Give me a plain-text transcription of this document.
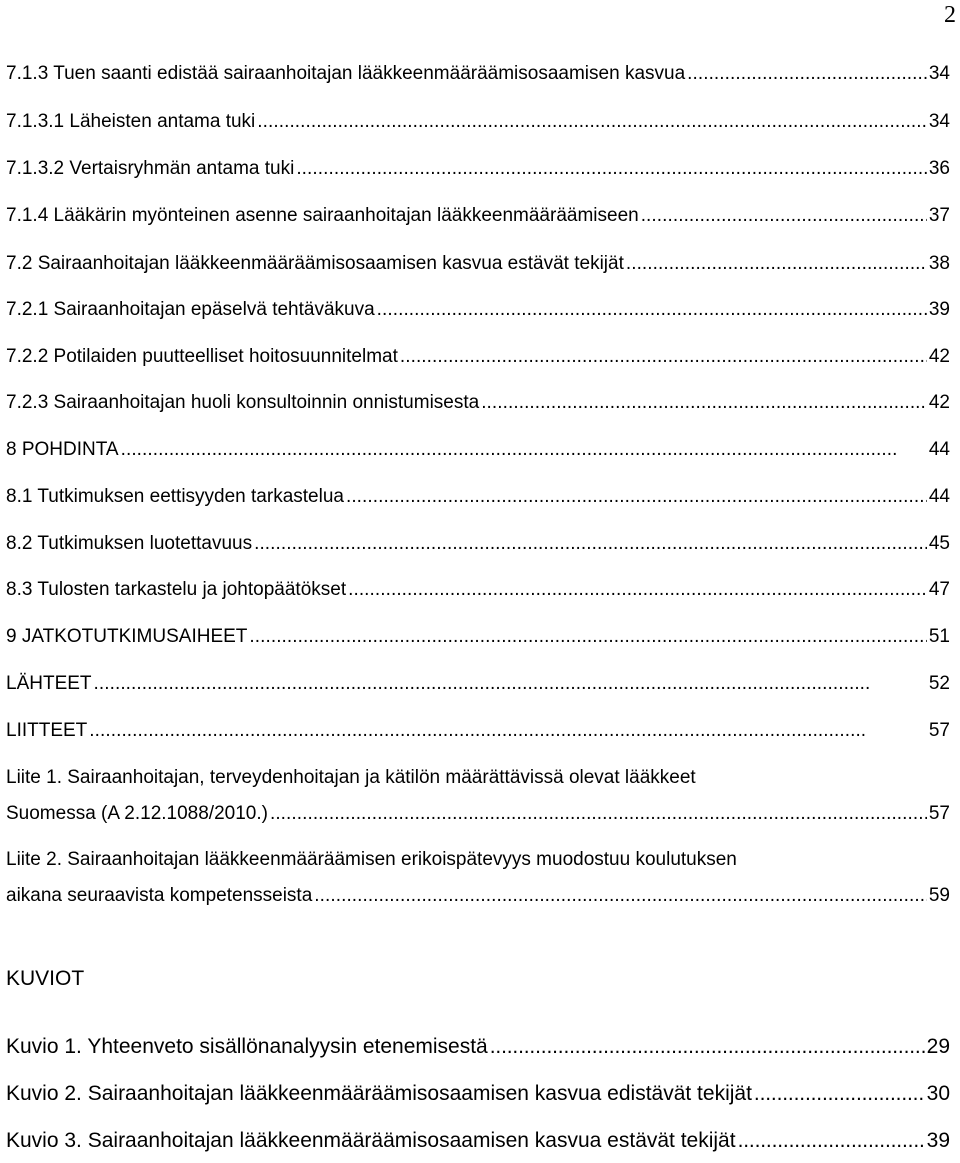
2
7.1.3 Tuen saanti edistää sairaanhoitajan lääkkeenmääräämisosaamisen kasvua . . .	34
7.1.3.1 Läheisten antama tuki . . .	34
7.1.3.2 Vertaisryhmän antama tuki . . .	36
7.1.4 Lääkärin myönteinen asenne sairaanhoitajan lääkkeenmääräämiseen . . .	37
7.2 Sairaanhoitajan lääkkeenmääräämisosaamisen kasvua estävät tekijät . . .	38
7.2.1 Sairaanhoitajan epäselvä tehtäväkuva . . .	39
7.2.2 Potilaiden puutteelliset hoitosuunnitelmat . . .	42
7.2.3 Sairaanhoitajan huoli konsultoinnin onnistumisesta . . .	42
8 POHDINTA . . .	44
8.1 Tutkimuksen eettisyyden tarkastelua . . .	44
8.2 Tutkimuksen luotettavuus . . .	45
8.3 Tulosten tarkastelu ja johtopäätökset . . .	47
9 JATKOTUTKIMUSAIHEET . . .	51
LÄHTEET . . .	52
LIITTEET . . .	57
Liite 1. Sairaanhoitajan, terveydenhoitajan ja kätilön määrättävissä olevat lääkkeet
Suomessa (A 2.12.1088/2010.) . . .	57
Liite 2. Sairaanhoitajan lääkkeenmääräämisen erikoispätevyys muodostuu koulutuksen
aikana seuraavista kompetensseista . . .	59
KUVIOT
Kuvio 1. Yhteenveto sisällönanalyysin etenemisestä . . .	29
Kuvio 2. Sairaanhoitajan lääkkeenmääräämisosaamisen kasvua edistävät tekijät . . .	30
Kuvio 3. Sairaanhoitajan lääkkeenmääräämisosaamisen kasvua estävät tekijät . . .	39
